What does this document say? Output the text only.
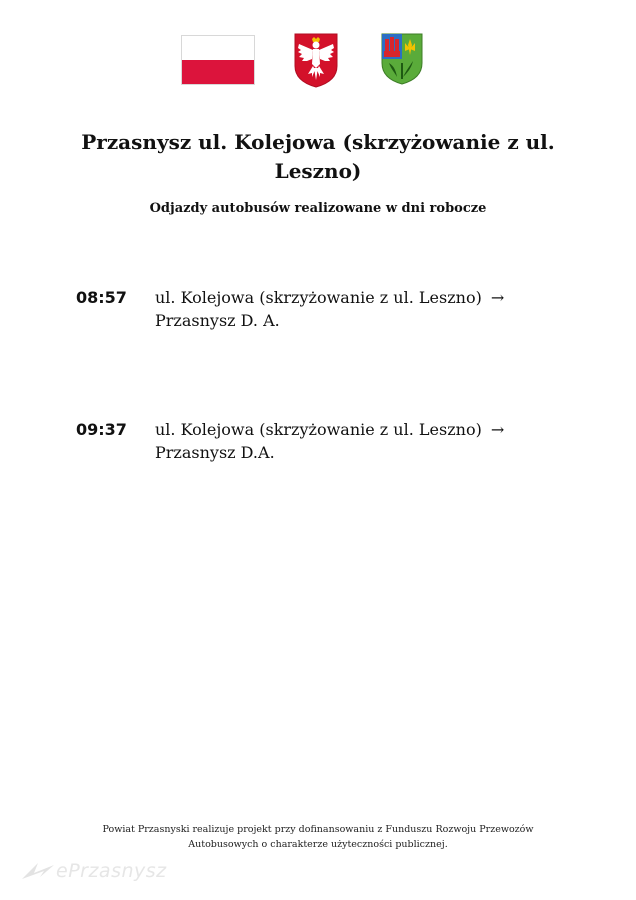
Przasnysz ul. Kolejowa (skrzyżowanie z ul. Leszno)

Odjazdy autobusów realizowane w dni robocze

08:57 ul. Kolejowa (skrzyżowanie z ul. Leszno) →
Przasnysz D. A.
09:37 ul. Kolejowa (skrzyżowanie z ul. Leszno) →
Przasnysz D.A.
Powiat Przasnyski realizuje projekt przy dofinansowaniu z Funduszu Rozwoju Przewozów
Autobusowych o charakterze użyteczności publicznej.
ePrzasnysz
